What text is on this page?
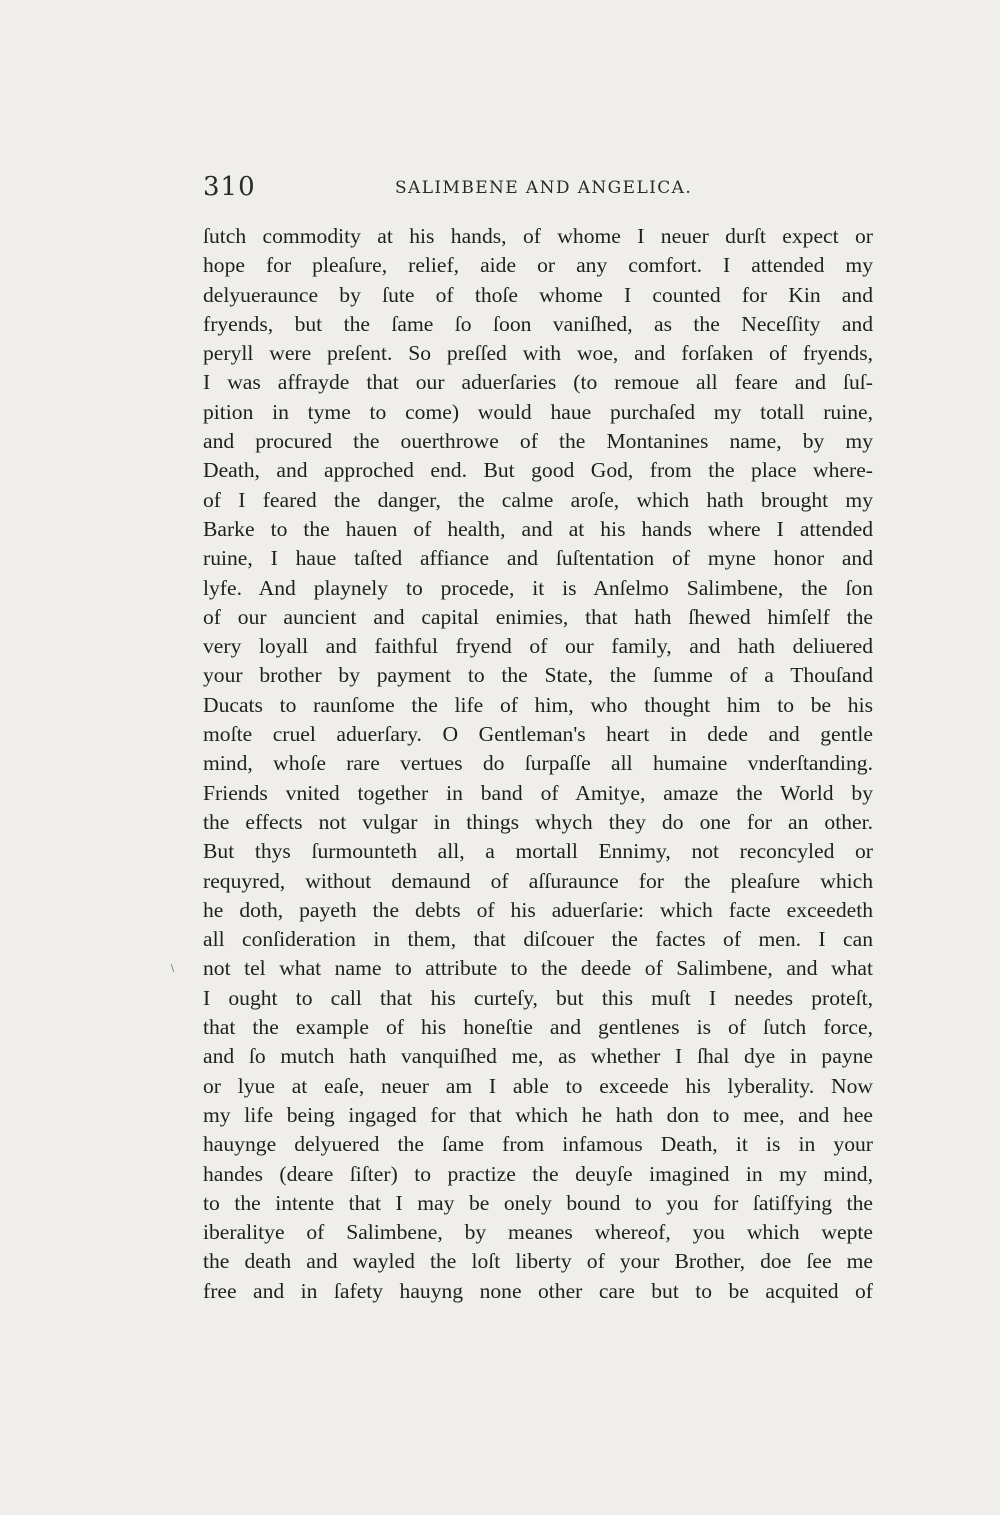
310	SALIMBENE AND ANGELICA.
ſutch commodity at his hands, of whome I neuer durſt expect or
hope for pleaſure, relief, aide or any comfort. I attended my
delyueraunce by ſute of thoſe whome I counted for Kin and
fryends, but the ſame ſo ſoon vaniſhed, as the Neceſſity and
peryll were preſent. So preſſed with woe, and forſaken of fryends,
I was affrayde that our aduerſaries (to remoue all feare and ſuſ-
pition in tyme to come) would haue purchaſed my totall ruine,
and procured the ouerthrowe of the Montanines name, by my
Death, and approched end. But good God, from the place where-
of I feared the danger, the calme aroſe, which hath brought my
Barke to the hauen of health, and at his hands where I attended
ruine, I haue taſted affiance and ſuſtentation of myne honor and
lyfe. And playnely to procede, it is Anſelmo Salimbene, the ſon
of our auncient and capital enimies, that hath ſhewed himſelf the
very loyall and faithful fryend of our family, and hath deliuered
your brother by payment to the State, the ſumme of a Thouſand
Ducats to raunſome the life of him, who thought him to be his
moſte cruel aduerſary. O Gentleman's heart in dede and gentle
mind, whoſe rare vertues do ſurpaſſe all humaine vnderſtanding.
Friends vnited together in band of Amitye, amaze the World by
the effects not vulgar in things whych they do one for an other.
But thys ſurmounteth all, a mortall Ennimy, not reconcyled or
requyred, without demaund of aſſuraunce for the pleaſure which
he doth, payeth the debts of his aduerſarie: which facte exceedeth
all conſideration in them, that diſcouer the factes of men. I can
not tel what name to attribute to the deede of Salimbene, and what
I ought to call that his curteſy, but this muſt I needes proteſt,
that the example of his honeſtie and gentlenes is of ſutch force,
and ſo mutch hath vanquiſhed me, as whether I ſhal dye in payne
or lyue at eaſe, neuer am I able to exceede his lyberality. Now
my life being ingaged for that which he hath don to mee, and hee
hauynge delyuered the ſame from infamous Death, it is in your
handes (deare ſiſter) to practize the deuyſe imagined in my mind,
to the intente that I may be onely bound to you for ſatiſfying the
iberalitye of Salimbene, by meanes whereof, you which wepte
the death and wayled the loſt liberty of your Brother, doe ſee me
free and in ſafety hauyng none other care but to be acquited of
